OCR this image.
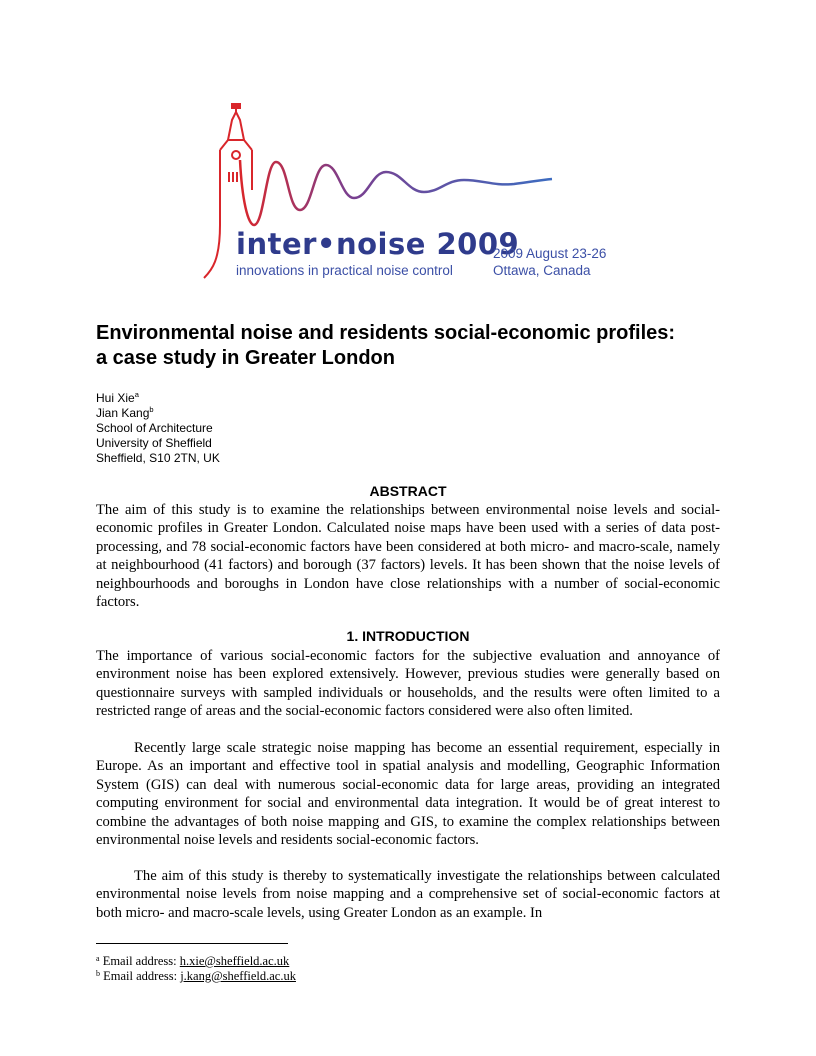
inter•noise 2009
innovations in practical noise control
2009 August 23-26
Ottawa, Canada
Environmental noise and residents social-economic profiles:
a case study in Greater London
Hui Xie$^a$
Jian Kang$^b$
School of Architecture
University of Sheffield
Sheffield, S10 2TN, UK
ABSTRACT
The aim of this study is to examine the relationships between environmental noise levels and social-economic profiles in Greater London. Calculated noise maps have been used with a series of data post-processing, and 78 social-economic factors have been considered at both micro- and macro-scale, namely at neighbourhood (41 factors) and borough (37 factors) levels. It has been shown that the noise levels of neighbourhoods and boroughs in London have close relationships with a number of social-economic factors.
1. INTRODUCTION
The importance of various social-economic factors for the subjective evaluation and annoyance of environment noise has been explored extensively. However, previous studies were generally based on questionnaire surveys with sampled individuals or households, and the results were often limited to a restricted range of areas and the social-economic factors considered were also often limited.
Recently large scale strategic noise mapping has become an essential requirement, especially in Europe. As an important and effective tool in spatial analysis and modelling, Geographic Information System (GIS) can deal with numerous social-economic data for large areas, providing an integrated computing environment for social and environmental data integration. It would be of great interest to combine the advantages of both noise mapping and GIS, to examine the complex relationships between environmental noise levels and residents social-economic factors.
The aim of this study is thereby to systematically investigate the relationships between calculated environmental noise levels from noise mapping and a comprehensive set of social-economic factors at both micro- and macro-scale levels, using Greater London as an example. In
$^a$ Email address: h.xie@sheffield.ac.uk
$^b$ Email address: j.kang@sheffield.ac.uk
